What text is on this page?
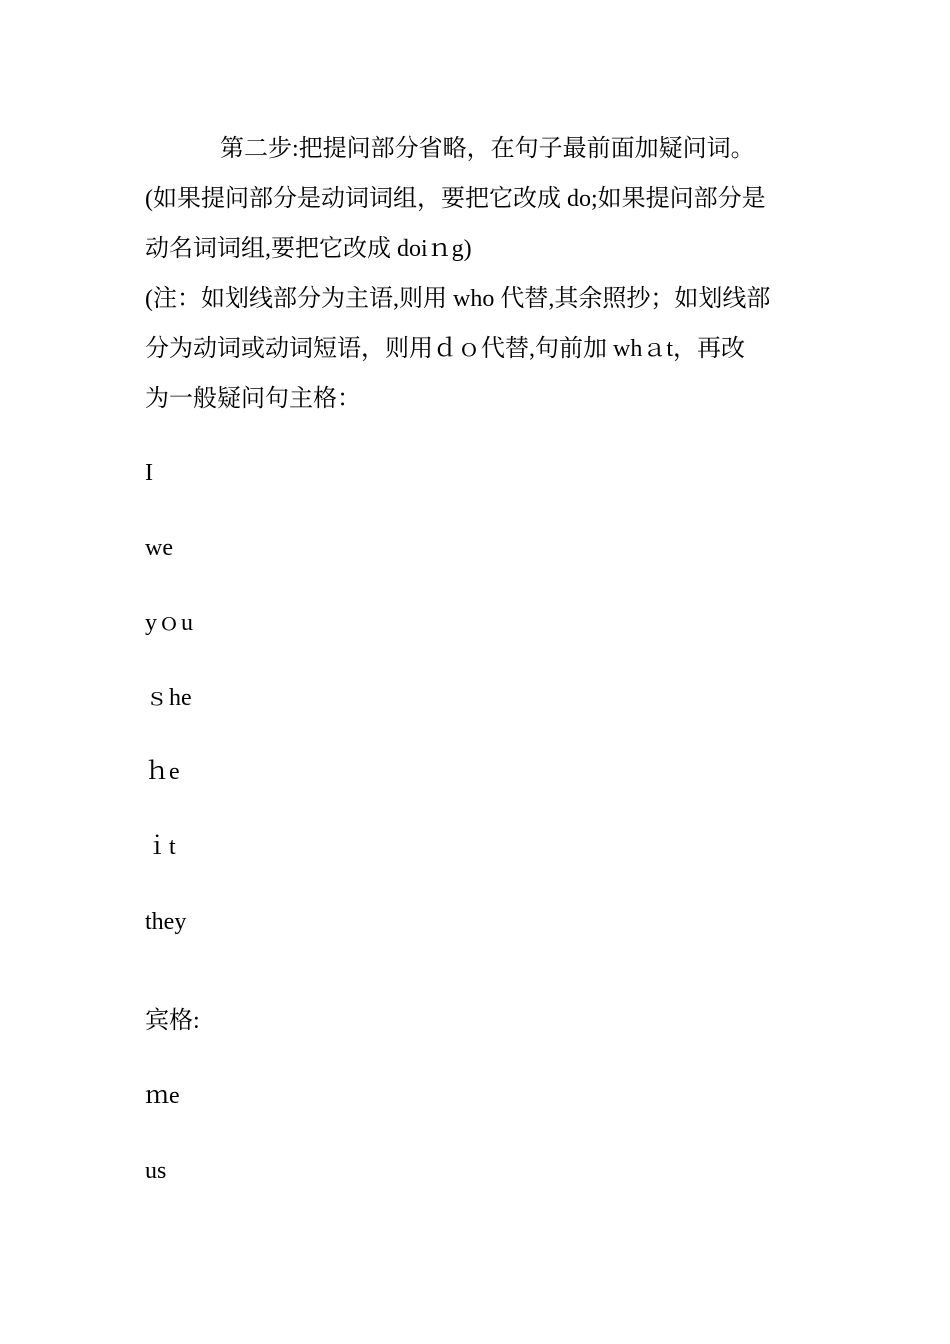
第二步:把提问部分省略，在句子最前面加疑问词。
(如果提问部分是动词词组，要把它改成 do;如果提问部分是
动名词词组,要把它改成 doiｎg)
(注：如划线部分为主语,则用 who 代替,其余照抄；如划线部
分为动词或动词短语，则用ｄｏ代替,句前加 whａt，再改
为一般疑问句主格：
I
we
yｏu
ｓhe
ｈe
ｉt
they
宾格:
ｍe
us
